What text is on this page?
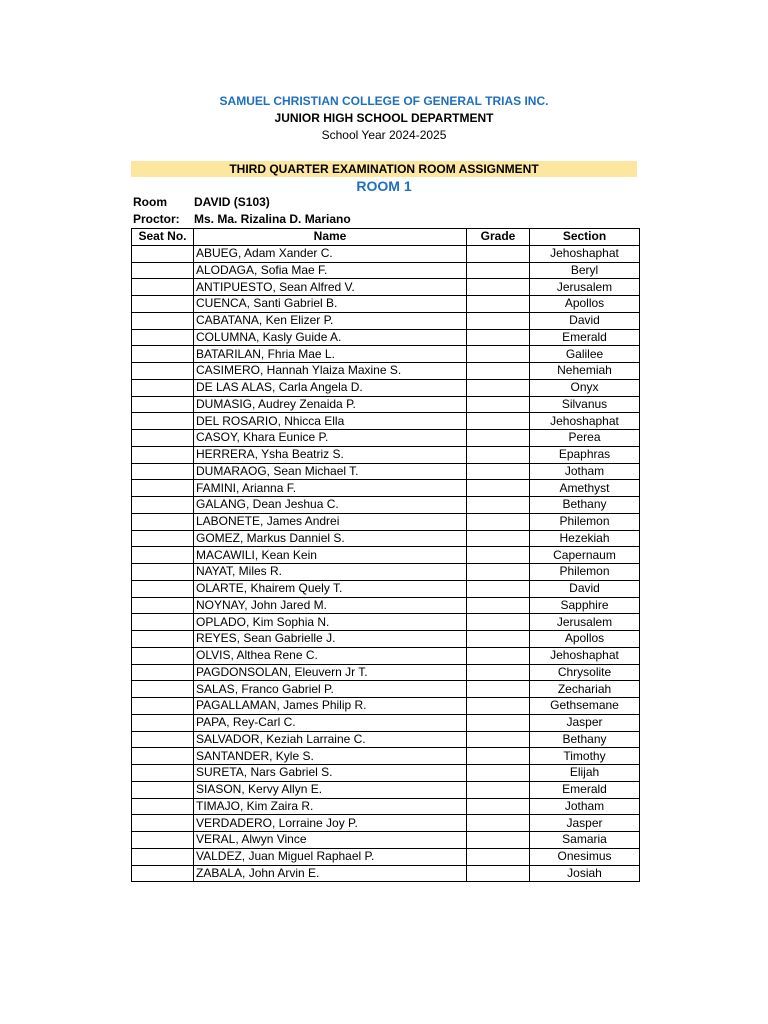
SAMUEL CHRISTIAN COLLEGE OF GENERAL TRIAS INC.
JUNIOR HIGH SCHOOL DEPARTMENT
School Year 2024-2025
THIRD QUARTER EXAMINATION ROOM ASSIGNMENT
ROOM 1
Room DAVID (S103)
Proctor: Ms. Ma. Rizalina D. Mariano
Seat No.	Name	Grade	Section
	ABUEG, Adam Xander C.		Jehoshaphat
	ALODAGA, Sofia Mae F.		Beryl
	ANTIPUESTO, Sean Alfred V.		Jerusalem
	CUENCA, Santi Gabriel B.		Apollos
	CABATANA, Ken Elizer P.		David
	COLUMNA, Kasly Guide A.		Emerald
	BATARILAN, Fhria Mae L.		Galilee
	CASIMERO, Hannah Ylaiza Maxine S.		Nehemiah
	DE LAS ALAS, Carla Angela D.		Onyx
	DUMASIG, Audrey Zenaida P.		Silvanus
	DEL ROSARIO, Nhicca Ella		Jehoshaphat
	CASOY, Khara Eunice P.		Perea
	HERRERA, Ysha Beatriz S.		Epaphras
	DUMARAOG, Sean Michael T.		Jotham
	FAMINI, Arianna F.		Amethyst
	GALANG, Dean Jeshua C.		Bethany
	LABONETE, James Andrei		Philemon
	GOMEZ, Markus Danniel S.		Hezekiah
	MACAWILI, Kean Kein		Capernaum
	NAYAT, Miles R.		Philemon
	OLARTE, Khairem Quely T.		David
	NOYNAY, John Jared M.		Sapphire
	OPLADO, Kim Sophia N.		Jerusalem
	REYES, Sean Gabrielle J.		Apollos
	OLVIS, Althea Rene C.		Jehoshaphat
	PAGDONSOLAN, Eleuvern Jr T.		Chrysolite
	SALAS, Franco Gabriel P.		Zechariah
	PAGALLAMAN, James Philip R.		Gethsemane
	PAPA, Rey-Carl C.		Jasper
	SALVADOR, Keziah Larraine C.		Bethany
	SANTANDER, Kyle S.		Timothy
	SURETA, Nars Gabriel S.		Elijah
	SIASON, Kervy Allyn E.		Emerald
	TIMAJO, Kim Zaira R.		Jotham
	VERDADERO, Lorraine Joy P.		Jasper
	VERAL, Alwyn Vince		Samaria
	VALDEZ, Juan Miguel Raphael P.		Onesimus
	ZABALA, John Arvin E.		Josiah
